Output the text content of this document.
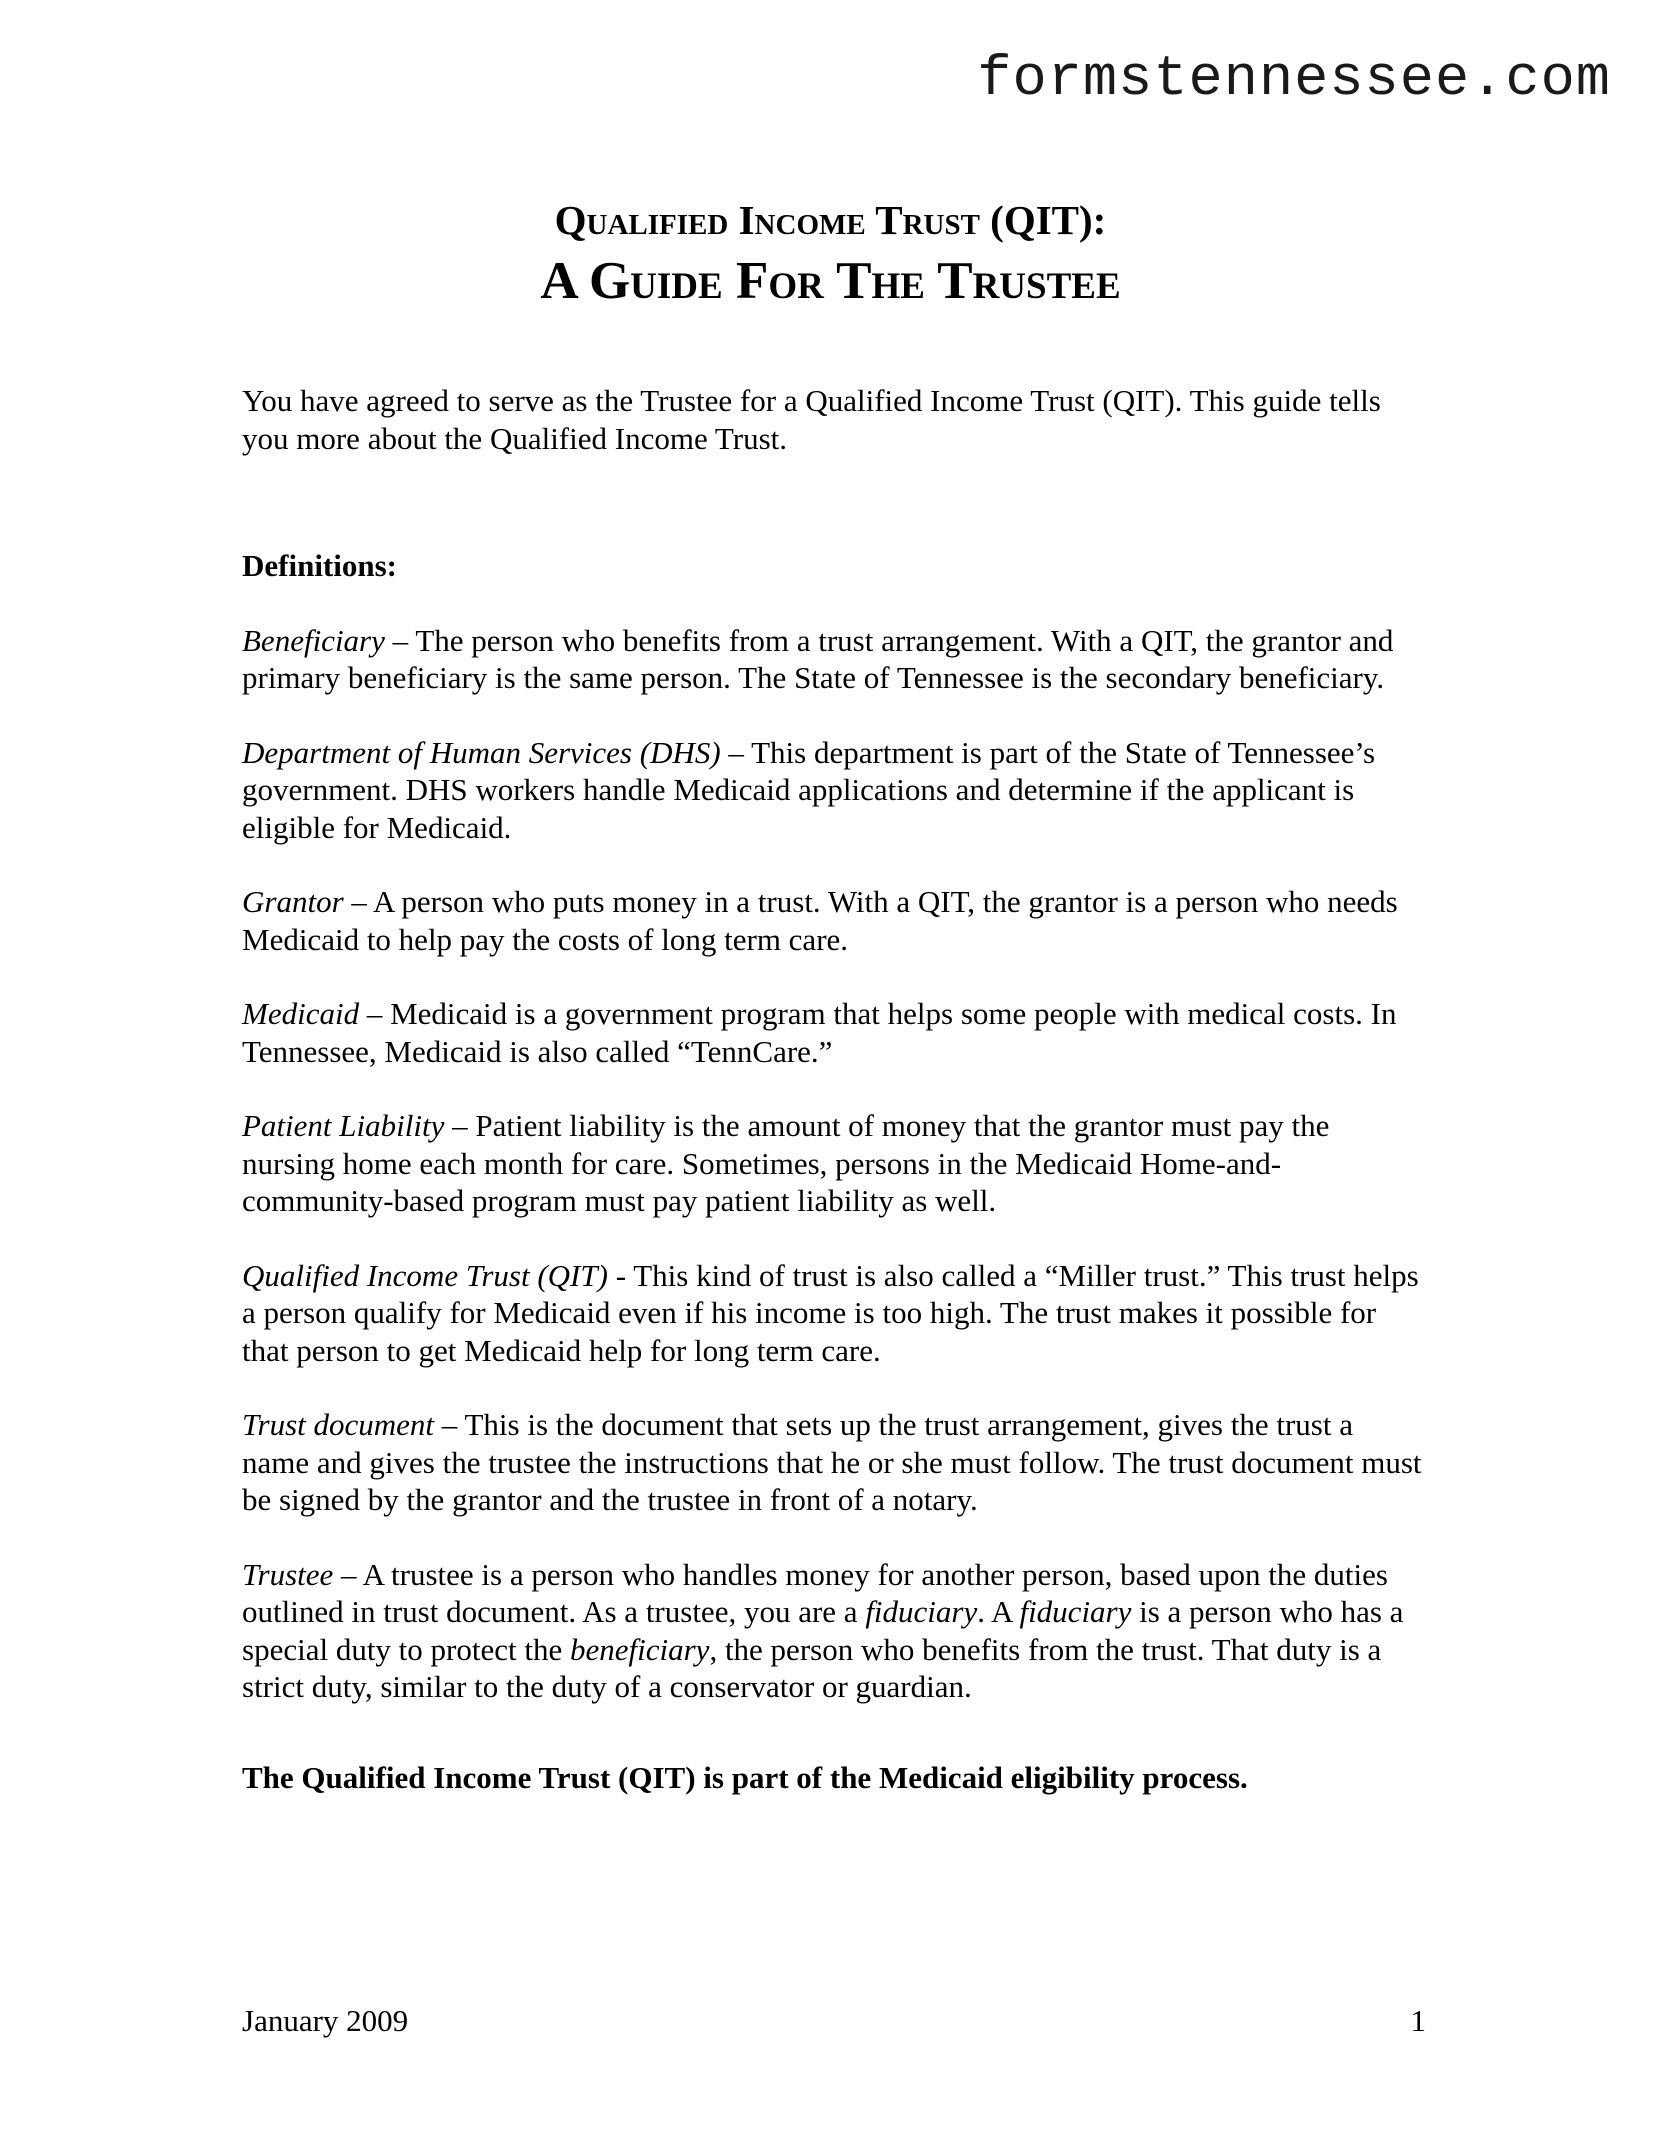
formstennessee.com
Qualified Income Trust (QIT):
A Guide For The Trustee

You have agreed to serve as the Trustee for a Qualified Income Trust (QIT). This guide tells you more about the Qualified Income Trust.

Definitions:

Beneficiary – The person who benefits from a trust arrangement. With a QIT, the grantor and primary beneficiary is the same person. The State of Tennessee is the secondary beneficiary.

Department of Human Services (DHS) – This department is part of the State of Tennessee’s government. DHS workers handle Medicaid applications and determine if the applicant is eligible for Medicaid.

Grantor – A person who puts money in a trust. With a QIT, the grantor is a person who needs Medicaid to help pay the costs of long term care.

Medicaid – Medicaid is a government program that helps some people with medical costs. In Tennessee, Medicaid is also called “TennCare.”

Patient Liability – Patient liability is the amount of money that the grantor must pay the nursing home each month for care. Sometimes, persons in the Medicaid Home-and-community-based program must pay patient liability as well.

Qualified Income Trust (QIT) - This kind of trust is also called a “Miller trust.” This trust helps a person qualify for Medicaid even if his income is too high. The trust makes it possible for that person to get Medicaid help for long term care.

Trust document – This is the document that sets up the trust arrangement, gives the trust a name and gives the trustee the instructions that he or she must follow. The trust document must be signed by the grantor and the trustee in front of a notary.

Trustee – A trustee is a person who handles money for another person, based upon the duties outlined in trust document. As a trustee, you are a fiduciary. A fiduciary is a person who has a special duty to protect the beneficiary, the person who benefits from the trust. That duty is a strict duty, similar to the duty of a conservator or guardian.

The Qualified Income Trust (QIT) is part of the Medicaid eligibility process.

January 2009	1
